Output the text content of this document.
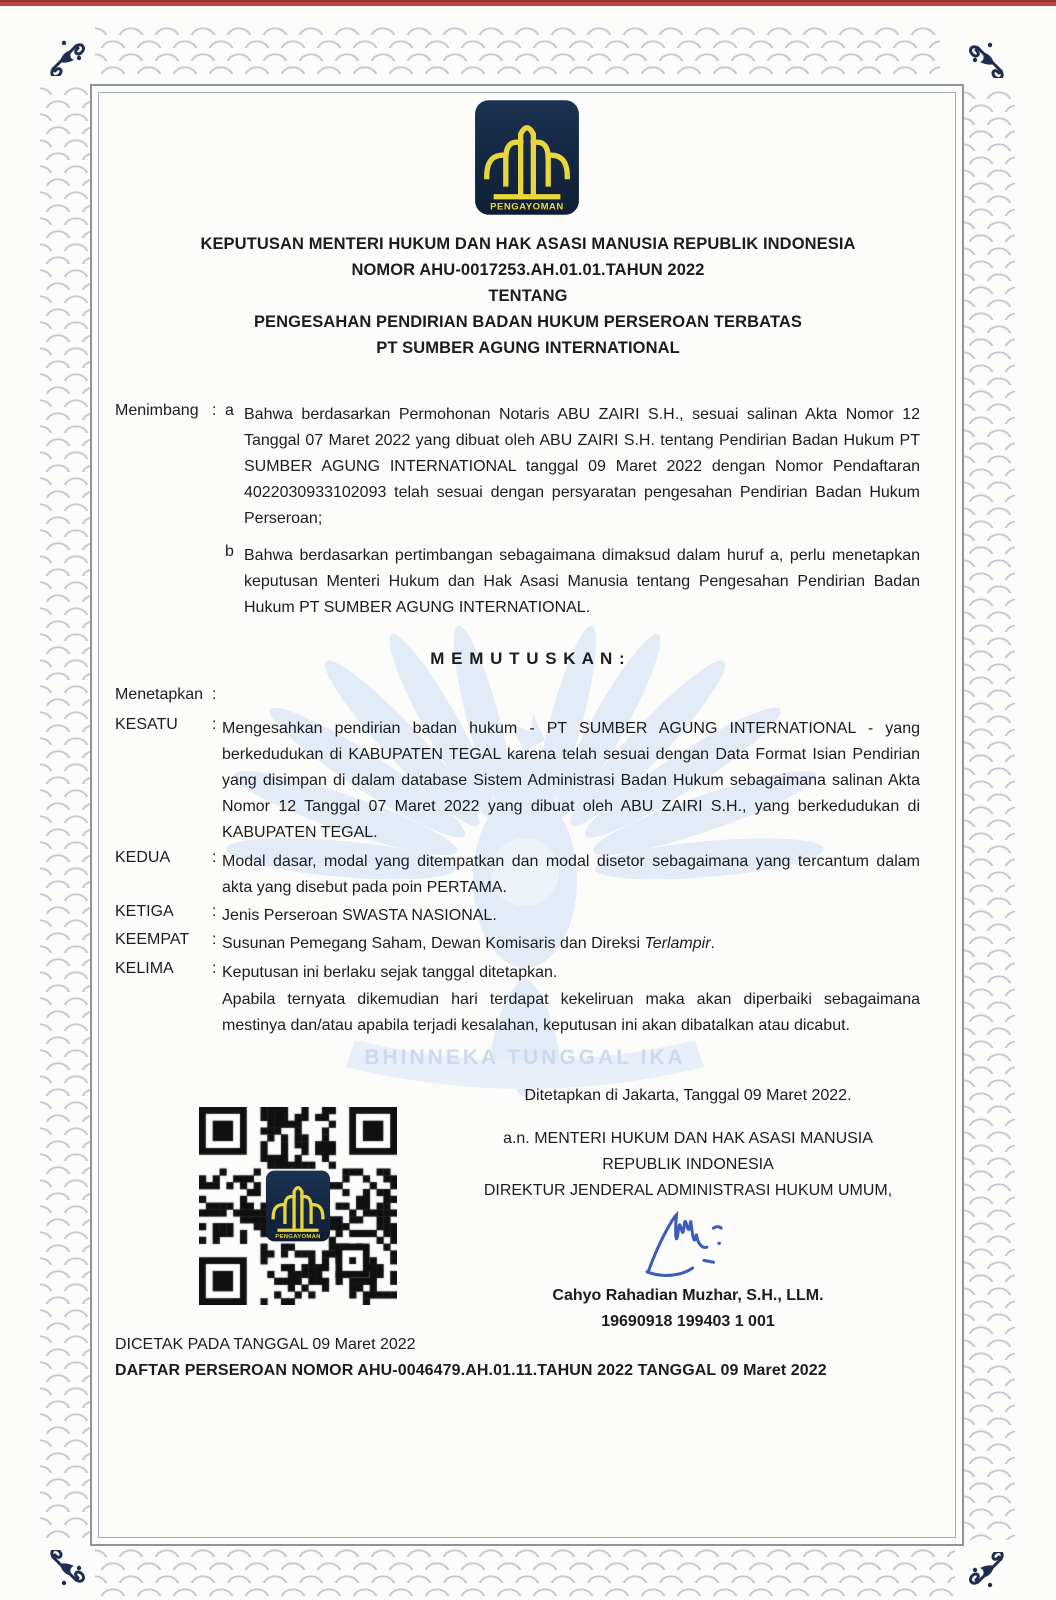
BHINNEKA TUNGGAL IKA
KEPUTUSAN MENTERI HUKUM DAN HAK ASASI MANUSIA REPUBLIK INDONESIA
NOMOR AHU-0017253.AH.01.01.TAHUN 2022
TENTANG
PENGESAHAN PENDIRIAN BADAN HUKUM PERSEROAN TERBATAS
PT SUMBER AGUNG INTERNATIONAL
Menimbang : a Bahwa berdasarkan Permohonan Notaris ABU ZAIRI S.H., sesuai salinan Akta Nomor 12 Tanggal 07 Maret 2022 yang dibuat oleh ABU ZAIRI S.H. tentang Pendirian Badan Hukum PT SUMBER AGUNG INTERNATIONAL tanggal 09 Maret 2022 dengan Nomor Pendaftaran 4022030933102093 telah sesuai dengan persyaratan pengesahan Pendirian Badan Hukum Perseroan;
b Bahwa berdasarkan pertimbangan sebagaimana dimaksud dalam huruf a, perlu menetapkan keputusan Menteri Hukum dan Hak Asasi Manusia tentang Pengesahan Pendirian Badan Hukum PT SUMBER AGUNG INTERNATIONAL.
M E M U T U S K A N :
Menetapkan :
KESATU : Mengesahkan pendirian badan hukum - PT SUMBER AGUNG INTERNATIONAL - yang berkedudukan di KABUPATEN TEGAL karena telah sesuai dengan Data Format Isian Pendirian yang disimpan di dalam database Sistem Administrasi Badan Hukum sebagaimana salinan Akta Nomor 12 Tanggal 07 Maret 2022 yang dibuat oleh ABU ZAIRI S.H., yang berkedudukan di KABUPATEN TEGAL.
KEDUA	: Modal dasar, modal yang ditempatkan dan modal disetor sebagaimana yang tercantum dalam akta yang disebut pada poin PERTAMA.
KETIGA : Jenis Perseroan SWASTA NASIONAL.
KEEMPAT : Susunan Pemegang Saham, Dewan Komisaris dan Direksi Terlampir.
KELIMA : Keputusan ini berlaku sejak tanggal ditetapkan.
Apabila ternyata dikemudian hari terdapat kekeliruan maka akan diperbaiki sebagaimana mestinya dan/atau apabila terjadi kesalahan, keputusan ini akan dibatalkan atau dicabut.
Ditetapkan di Jakarta, Tanggal 09 Maret 2022.
a.n. MENTERI HUKUM DAN HAK ASASI MANUSIA
REPUBLIK INDONESIA
DIREKTUR JENDERAL ADMINISTRASI HUKUM UMUM,
Cahyo Rahadian Muzhar, S.H., LLM.
19690918 199403 1 001
DICETAK PADA TANGGAL 09 Maret 2022
DAFTAR PERSEROAN NOMOR AHU-0046479.AH.01.11.TAHUN 2022 TANGGAL 09 Maret 2022
